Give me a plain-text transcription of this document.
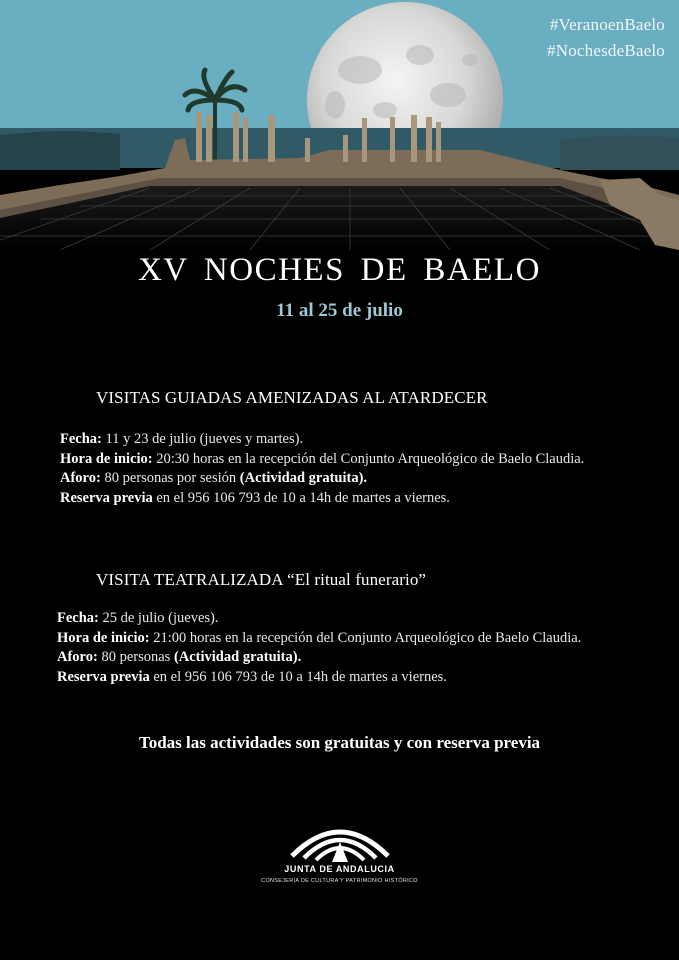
#VeranoenBaelo
#NochesdeBaelo
XV NOCHES DE BAELO
11 al 25 de julio
VISITAS GUIADAS AMENIZADAS AL ATARDECER
Fecha: 11 y 23 de julio (jueves y martes).
Hora de inicio: 20:30 horas en la recepción del Conjunto Arqueológico de Baelo Claudia.
Aforo: 80 personas por sesión (Actividad gratuita).
Reserva previa en el 956 106 793 de 10 a 14h de martes a viernes.
VISITA TEATRALIZADA “El ritual funerario”
Fecha: 25 de julio (jueves).
Hora de inicio: 21:00 horas en la recepción del Conjunto Arqueológico de Baelo Claudia.
Aforo: 80 personas (Actividad gratuita).
Reserva previa en el 956 106 793 de 10 a 14h de martes a viernes.
Todas las actividades son gratuitas y con reserva previa
JUNTA DE ANDALUCIA
CONSEJERÍA DE CULTURA Y PATRIMONIO HISTÓRICO
